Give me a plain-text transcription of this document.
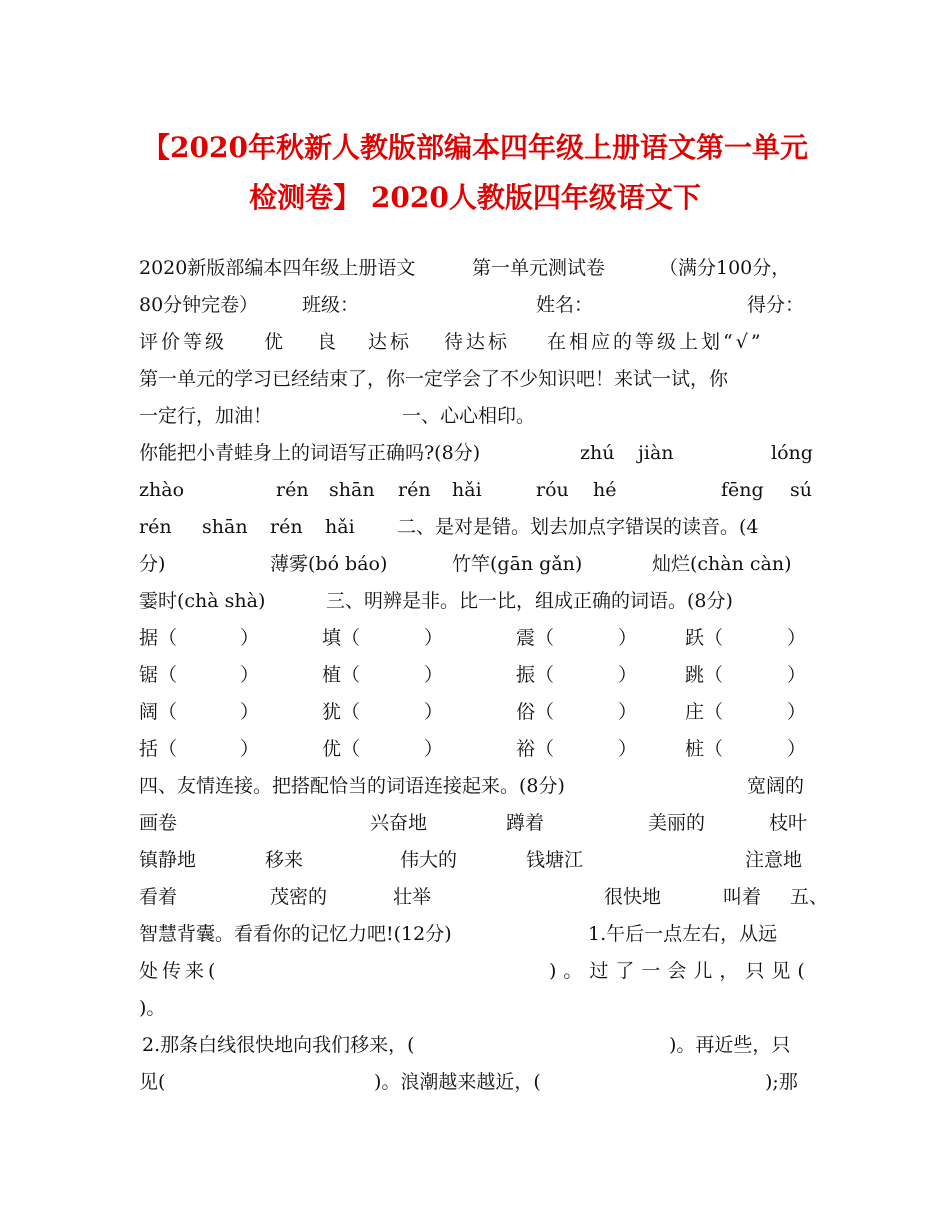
【2020年秋新人教版部编本四年级上册语文第一单元
检测卷】 2020人教版四年级语文下
2020新版部编本四年级上册语文	第一单元测试卷	（满分100分，
80分钟完卷） 班级：	姓名：	得分：
评价等级 优 良 达标 待达标 在相应的等级上划“√”
第一单元的学习已经结束了，你一定学会了不少知识吧！来试一试，你
一定行，加油！	一、心心相印。
你能把小青蛙身上的词语写正确吗?(8分)	zhú jiàn	lóng
zhào	rén shān rén hǎi	róu hé	fēng sú
rén shān rén hǎi 二、是对是错。划去加点字错误的读音。(4
分)	薄雾(bó báo)	竹竿(gān gǎn)	灿烂(chàn càn)
霎时(chà shà)	三、明辨是非。比一比，组成正确的词语。(8分)
据（	）	填（	）	震（	）	跃（	）
锯（	）	植（	）	振（	）	跳（	）
阔（	）	犹（	）	俗（	）	庄（	）
括（	）	优（	）	裕（	）	桩（	）
四、友情连接。把搭配恰当的词语连接起来。(8分)	宽阔的
画卷	兴奋地	蹲着	美丽的	枝叶
镇静地	移来	伟大的	钱塘江	注意地
看着	茂密的	壮举	很快地	叫着 五、
智慧背囊。看看你的记忆力吧!(12分)	1.午后一点左右，从远
处传来(	)。过了一会儿，只见(
)。
2.那条白线很快地向我们移来，(	)。再近些，只
见(	)。浪潮越来越近，(	);那
